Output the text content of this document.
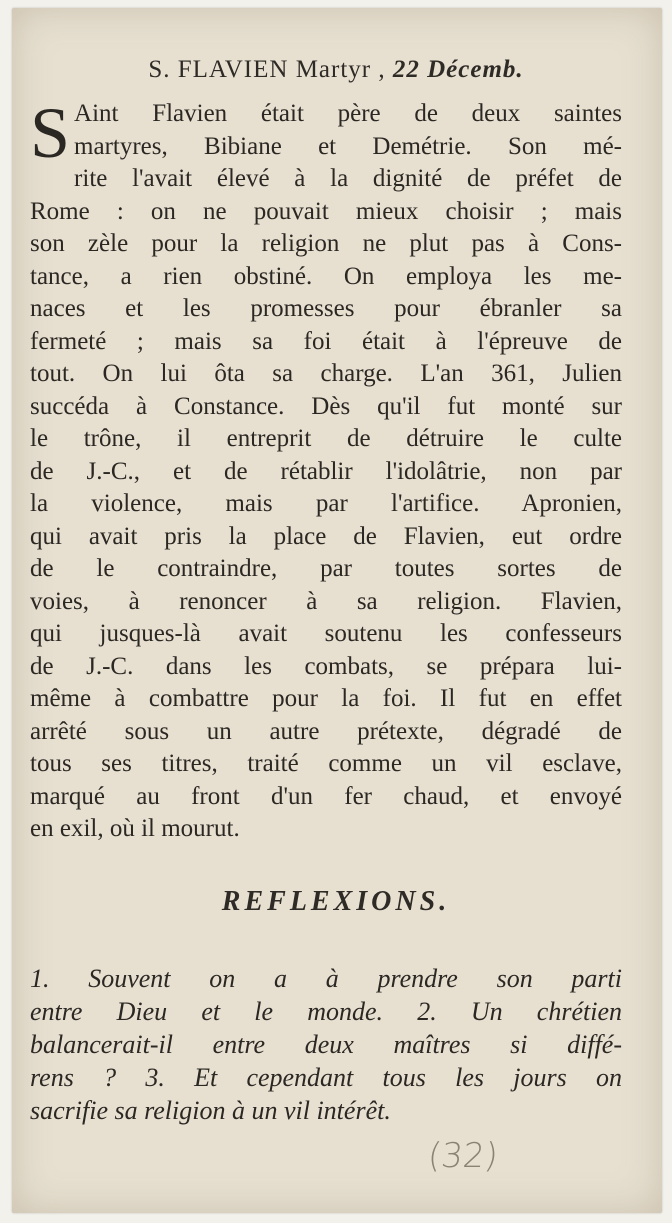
S. FLAVIEN Martyr , 22 Décemb.
S Aint Flavien était père de deux saintes
martyres, Bibiane et Demétrie. Son mé-
rite l'avait élevé à la dignité de préfet de
Rome : on ne pouvait mieux choisir ; mais
son zèle pour la religion ne plut pas à Cons-
tance, a rien obstiné. On employa les me-
naces et les promesses pour ébranler sa
fermeté ; mais sa foi était à l'épreuve de
tout. On lui ôta sa charge. L'an 361, Julien
succéda à Constance. Dès qu'il fut monté sur
le trône, il entreprit de détruire le culte
de J.-C., et de rétablir l'idolâtrie, non par
la violence, mais par l'artifice. Apronien,
qui avait pris la place de Flavien, eut ordre
de le contraindre, par toutes sortes de
voies, à renoncer à sa religion. Flavien,
qui jusques-là avait soutenu les confesseurs
de J.-C. dans les combats, se prépara lui-
même à combattre pour la foi. Il fut en effet
arrêté sous un autre prétexte, dégradé de
tous ses titres, traité comme un vil esclave,
marqué au front d'un fer chaud, et envoyé
en exil, où il mourut.
REFLEXIONS.
1. Souvent on a à prendre son parti
entre Dieu et le monde. 2. Un chrétien
balancerait-il entre deux maîtres si diffé-
rens ? 3. Et cependant tous les jours on
sacrifie sa religion à un vil intérêt.
(32)
